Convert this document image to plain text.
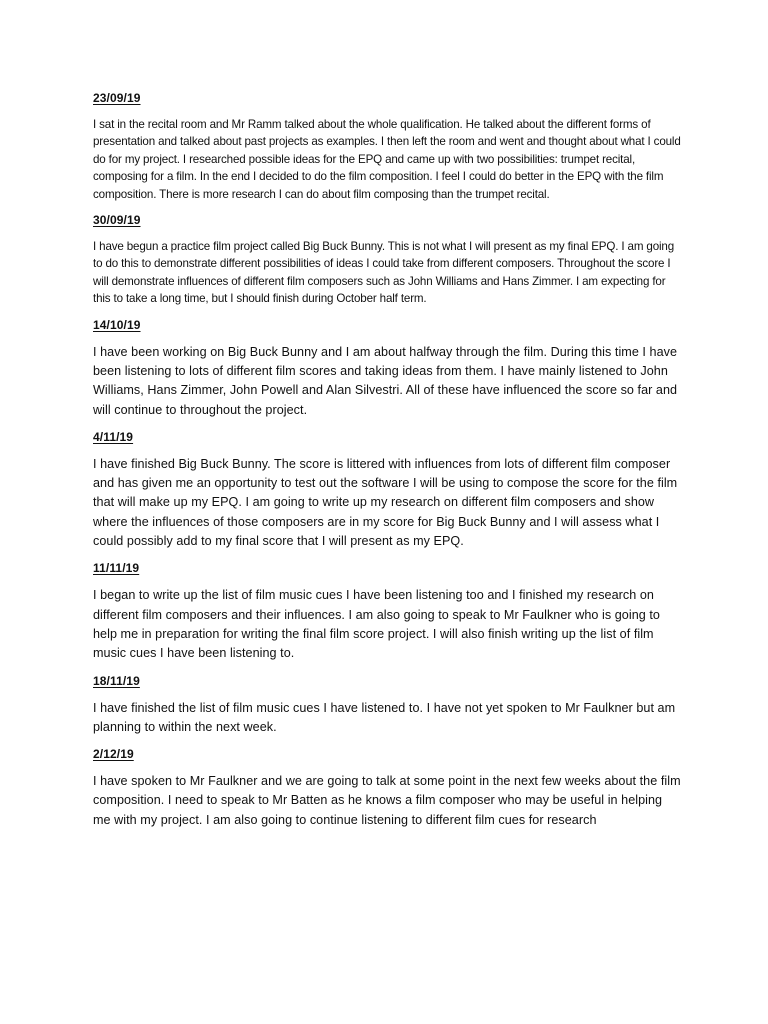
23/09/19

I sat in the recital room and Mr Ramm talked about the whole qualification. He talked about the different forms of presentation and talked about past projects as examples. I then left the room and went and thought about what I could do for my project. I researched possible ideas for the EPQ and came up with two possibilities: trumpet recital, composing for a film. In the end I decided to do the film composition. I feel I could do better in the EPQ with the film composition. There is more research I can do about film composing than the trumpet recital.

30/09/19

I have begun a practice film project called Big Buck Bunny. This is not what I will present as my final EPQ. I am going to do this to demonstrate different possibilities of ideas I could take from different composers. Throughout the score I will demonstrate influences of different film composers such as John Williams and Hans Zimmer. I am expecting for this to take a long time, but I should finish during October half term.

14/10/19

I have been working on Big Buck Bunny and I am about halfway through the film. During this time I have been listening to lots of different film scores and taking ideas from them. I have mainly listened to John Williams, Hans Zimmer, John Powell and Alan Silvestri. All of these have influenced the score so far and will continue to throughout the project.

4/11/19

I have finished Big Buck Bunny. The score is littered with influences from lots of different film composer and has given me an opportunity to test out the software I will be using to compose the score for the film that will make up my EPQ. I am going to write up my research on different film composers and show where the influences of those composers are in my score for Big Buck Bunny and I will assess what I could possibly add to my final score that I will present as my EPQ.

11/11/19

I began to write up the list of film music cues I have been listening too and I finished my research on different film composers and their influences. I am also going to speak to Mr Faulkner who is going to help me in preparation for writing the final film score project. I will also finish writing up the list of film music cues I have been listening to.

18/11/19

I have finished the list of film music cues I have listened to. I have not yet spoken to Mr Faulkner but am planning to within the next week.

2/12/19

I have spoken to Mr Faulkner and we are going to talk at some point in the next few weeks about the film composition. I need to speak to Mr Batten as he knows a film composer who may be useful in helping me with my project. I am also going to continue listening to different film cues for research
